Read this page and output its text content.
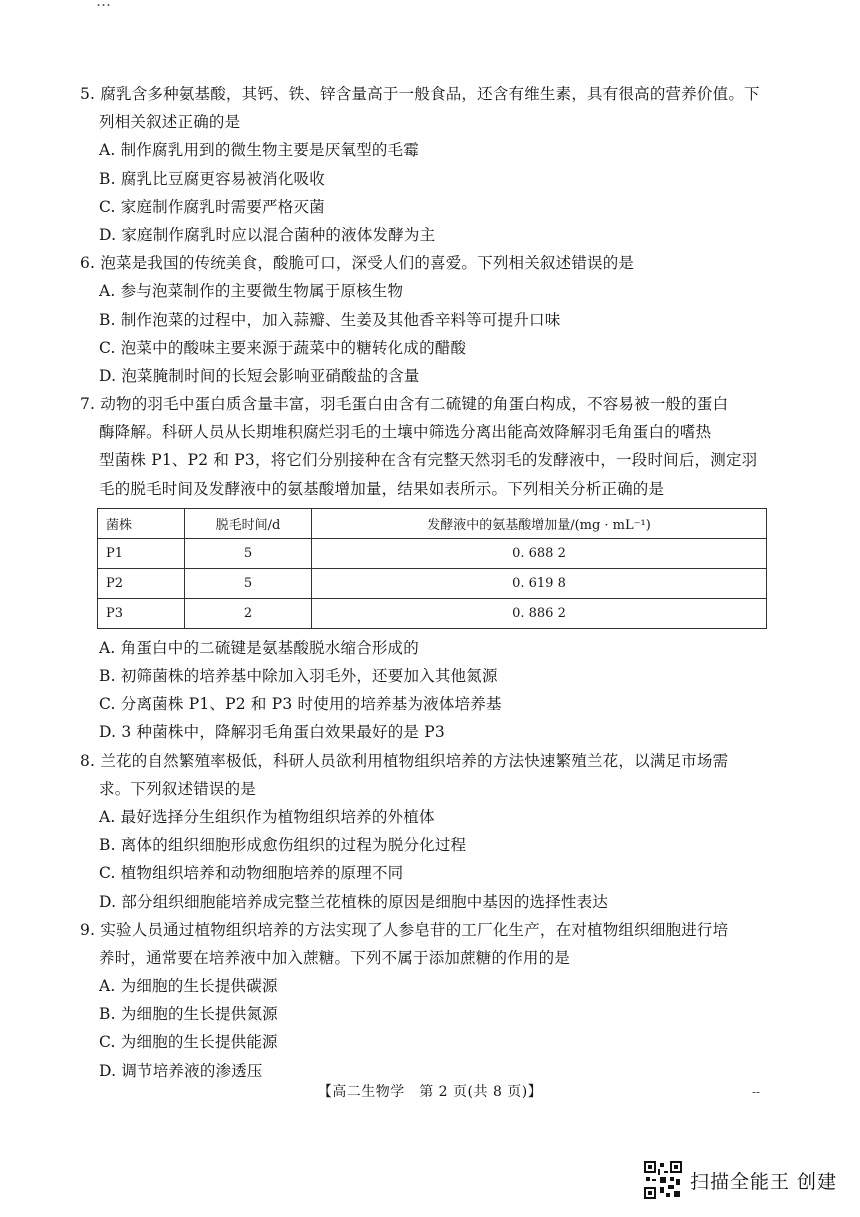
…
5. 腐乳含多种氨基酸，其钙、铁、锌含量高于一般食品，还含有维生素，具有很高的营养价值。下
列相关叙述正确的是
A. 制作腐乳用到的微生物主要是厌氧型的毛霉
B. 腐乳比豆腐更容易被消化吸收
C. 家庭制作腐乳时需要严格灭菌
D. 家庭制作腐乳时应以混合菌种的液体发酵为主
6. 泡菜是我国的传统美食，酸脆可口，深受人们的喜爱。下列相关叙述错误的是
A. 参与泡菜制作的主要微生物属于原核生物
B. 制作泡菜的过程中，加入蒜瓣、生姜及其他香辛料等可提升口味
C. 泡菜中的酸味主要来源于蔬菜中的糖转化成的醋酸
D. 泡菜腌制时间的长短会影响亚硝酸盐的含量
7. 动物的羽毛中蛋白质含量丰富，羽毛蛋白由含有二硫键的角蛋白构成，不容易被一般的蛋白
酶降解。科研人员从长期堆积腐烂羽毛的土壤中筛选分离出能高效降解羽毛角蛋白的嗜热
型菌株 P1、P2 和 P3，将它们分别接种在含有完整天然羽毛的发酵液中，一段时间后，测定羽
毛的脱毛时间及发酵液中的氨基酸增加量，结果如表所示。下列相关分析正确的是
菌株	脱毛时间/d	发酵液中的氨基酸增加量/(mg · mL⁻¹)
P1	5	0. 688 2
P2	5	0. 619 8
P3	2	0. 886 2
A. 角蛋白中的二硫键是氨基酸脱水缩合形成的
B. 初筛菌株的培养基中除加入羽毛外，还要加入其他氮源
C. 分离菌株 P1、P2 和 P3 时使用的培养基为液体培养基
D. 3 种菌株中，降解羽毛角蛋白效果最好的是 P3
8. 兰花的自然繁殖率极低，科研人员欲利用植物组织培养的方法快速繁殖兰花，以满足市场需
求。下列叙述错误的是
A. 最好选择分生组织作为植物组织培养的外植体
B. 离体的组织细胞形成愈伤组织的过程为脱分化过程
C. 植物组织培养和动物细胞培养的原理不同
D. 部分组织细胞能培养成完整兰花植株的原因是细胞中基因的选择性表达
9. 实验人员通过植物组织培养的方法实现了人参皂苷的工厂化生产，在对植物组织细胞进行培
养时，通常要在培养液中加入蔗糖。下列不属于添加蔗糖的作用的是
A. 为细胞的生长提供碳源
B. 为细胞的生长提供氮源
C. 为细胞的生长提供能源
D. 调节培养液的渗透压
【高二生物学　第 2 页(共 8 页)】	--
扫描全能王 创建
